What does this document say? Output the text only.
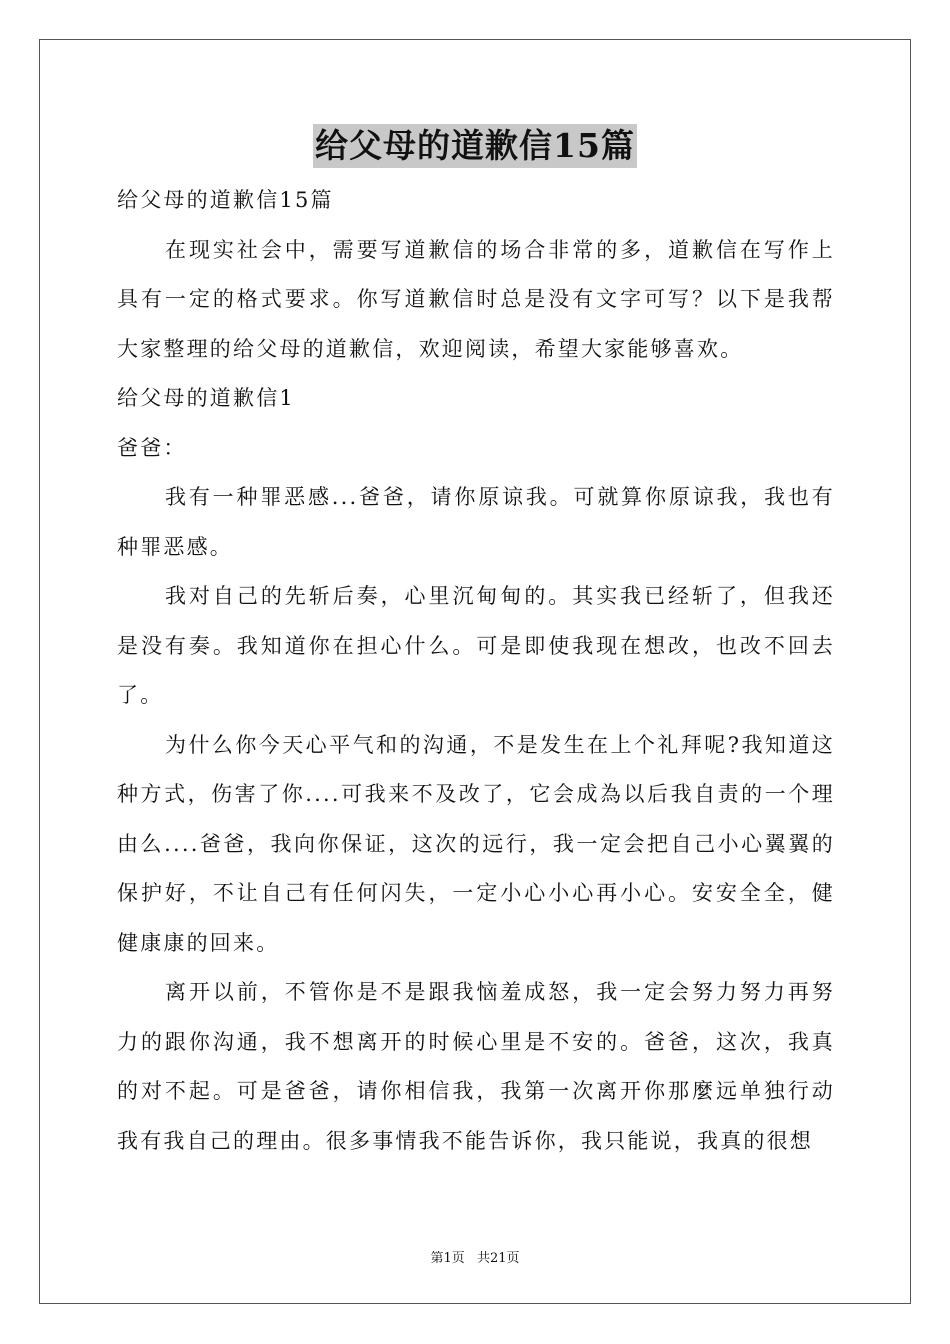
给父母的道歉信15篇

给父母的道歉信15篇

在现实社会中，需要写道歉信的场合非常的多，道歉信在写作上具有一定的格式要求。你写道歉信时总是没有文字可写？以下是我帮大家整理的给父母的道歉信，欢迎阅读，希望大家能够喜欢。

给父母的道歉信1

爸爸：

我有一种罪恶感...爸爸，请你原谅我。可就算你原谅我，我也有种罪恶感。

我对自己的先斩后奏，心里沉甸甸的。其实我已经斩了，但我还是没有奏。我知道你在担心什么。可是即使我现在想改，也改不回去了。

为什么你今天心平气和的沟通，不是发生在上个礼拜呢?我知道这种方式，伤害了你....可我来不及改了，它会成為以后我自责的一个理由么....爸爸，我向你保证，这次的远行，我一定会把自己小心翼翼的保护好，不让自己有任何闪失，一定小心小心再小心。安安全全，健健康康的回来。

离开以前，不管你是不是跟我恼羞成怒，我一定会努力努力再努力的跟你沟通，我不想离开的时候心里是不安的。爸爸，这次，我真的对不起。可是爸爸，请你相信我，我第一次离开你那麼远单独行动我有我自己的理由。很多事情我不能告诉你，我只能说，我真的很想

第1页 共21页
